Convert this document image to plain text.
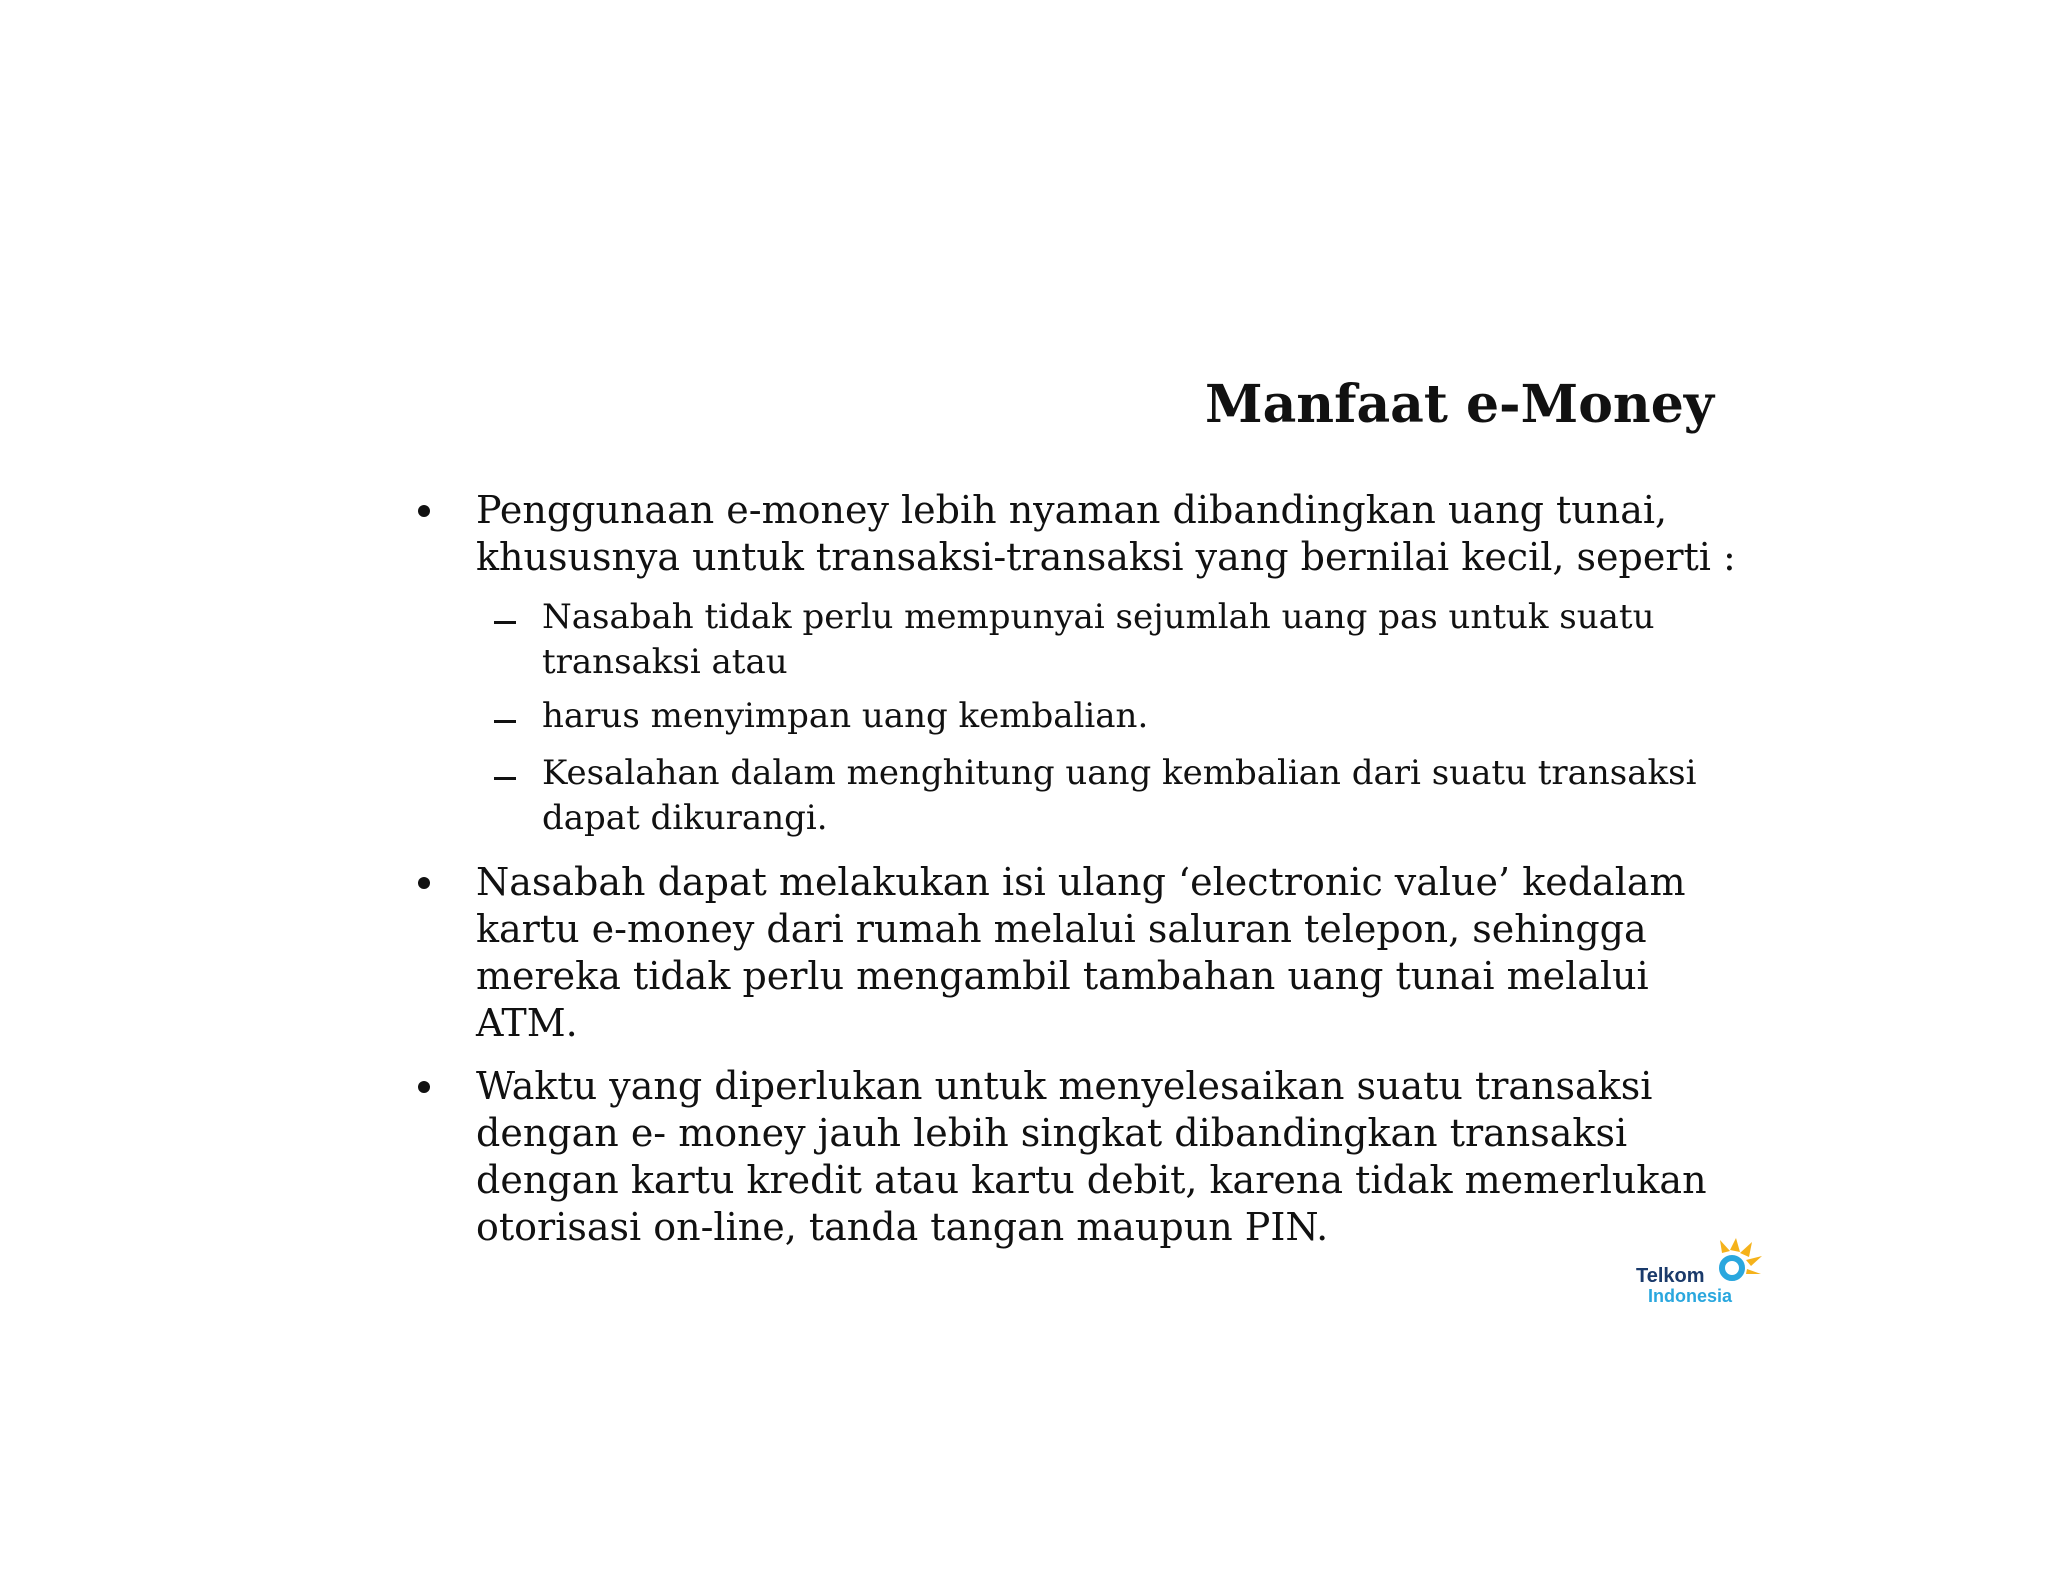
Manfaat e-Money
Penggunaan e-money lebih nyaman dibandingkan uang tunai,
khususnya untuk transaksi-transaksi yang bernilai kecil, seperti :
Nasabah tidak perlu mempunyai sejumlah uang pas untuk suatu
transaksi atau
harus menyimpan uang kembalian.
Kesalahan dalam menghitung uang kembalian dari suatu transaksi
dapat dikurangi.
Nasabah dapat melakukan isi ulang ‘electronic value’ kedalam
kartu e-money dari rumah melalui saluran telepon, sehingga
mereka tidak perlu mengambil tambahan uang tunai melalui
ATM.
Waktu yang diperlukan untuk menyelesaikan suatu transaksi
dengan e- money jauh lebih singkat dibandingkan transaksi
dengan kartu kredit atau kartu debit, karena tidak memerlukan
otorisasi on-line, tanda tangan maupun PIN.
Telkom
Indonesia
